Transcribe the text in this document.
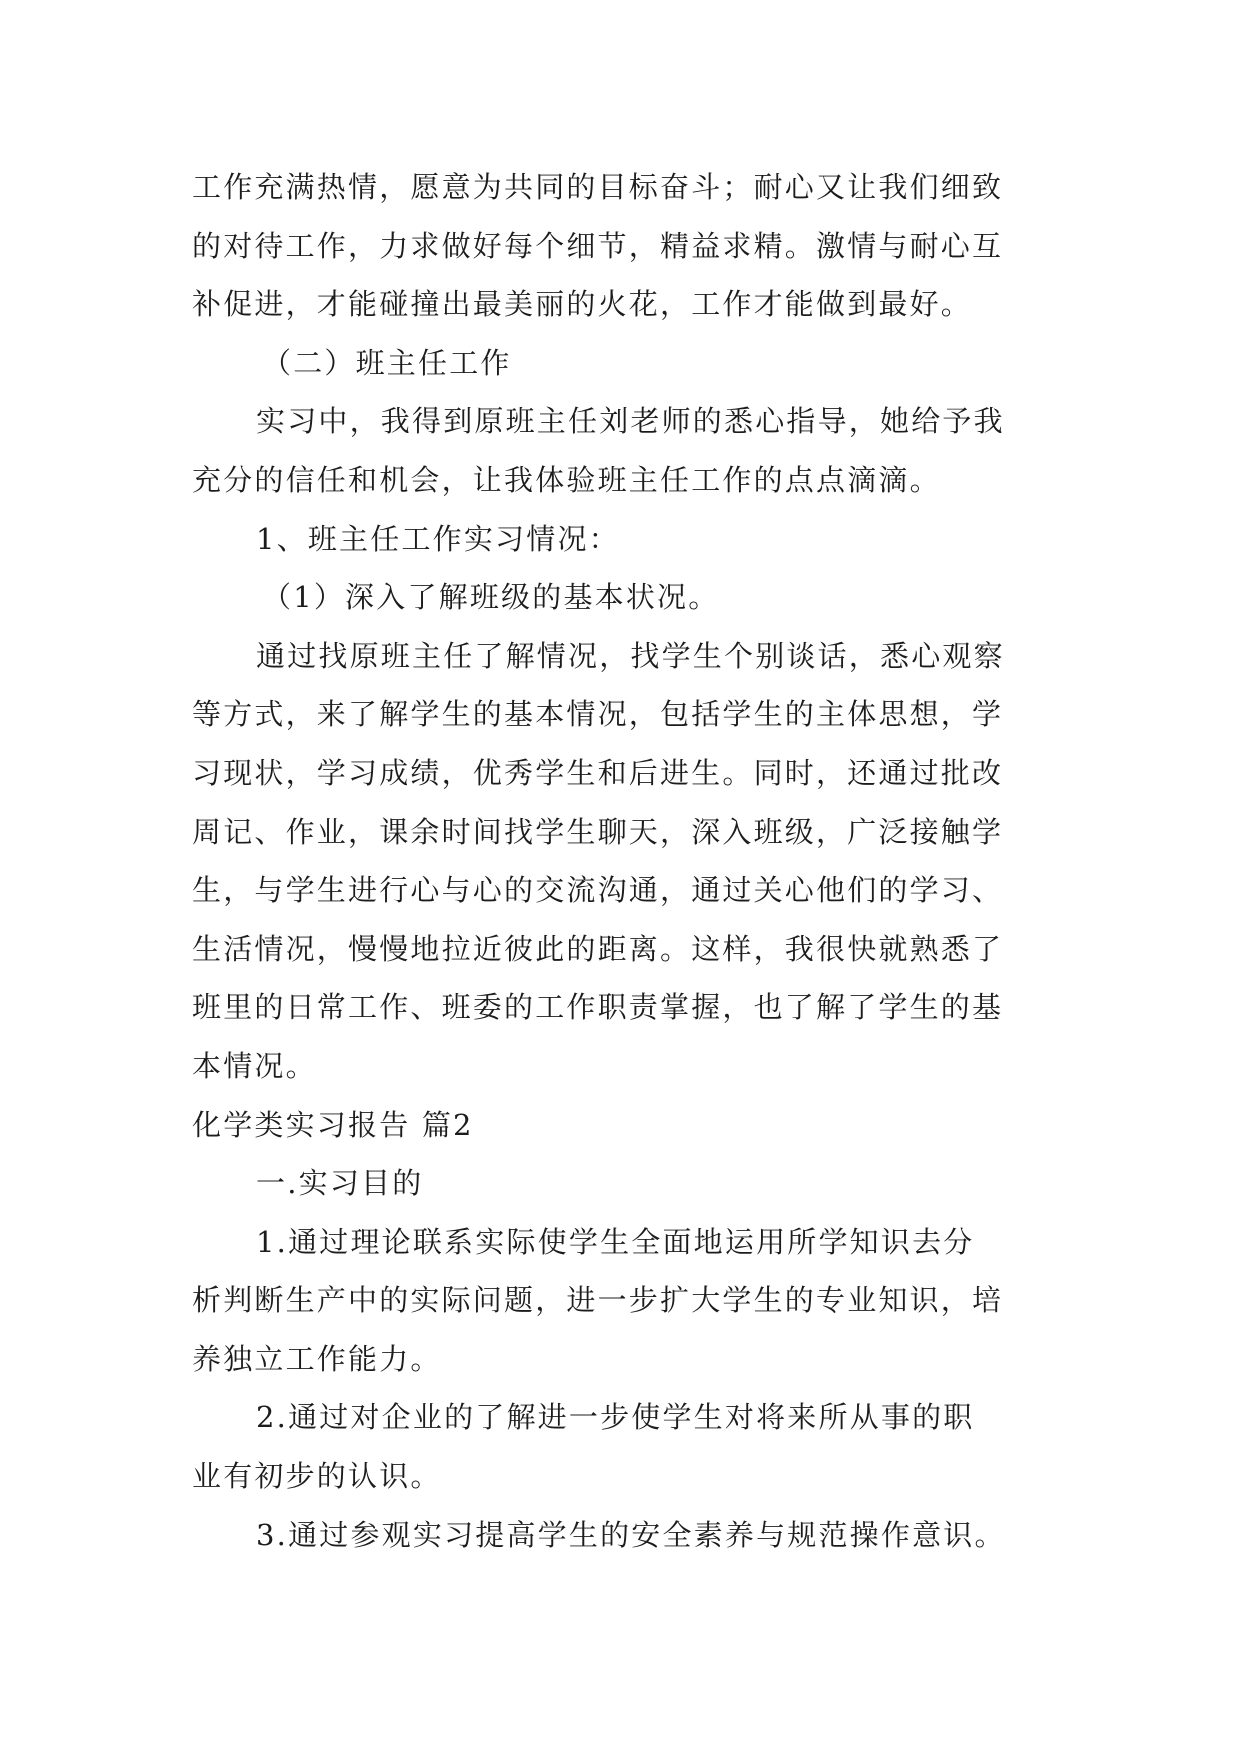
工作充满热情，愿意为共同的目标奋斗；耐心又让我们细致
的对待工作，力求做好每个细节，精益求精。激情与耐心互
补促进，才能碰撞出最美丽的火花，工作才能做到最好。
（二）班主任工作
实习中，我得到原班主任刘老师的悉心指导，她给予我
充分的信任和机会，让我体验班主任工作的点点滴滴。
1、班主任工作实习情况：
（1）深入了解班级的基本状况。
通过找原班主任了解情况，找学生个别谈话，悉心观察
等方式，来了解学生的基本情况，包括学生的主体思想，学
习现状，学习成绩，优秀学生和后进生。同时，还通过批改
周记、作业，课余时间找学生聊天，深入班级，广泛接触学
生，与学生进行心与心的交流沟通，通过关心他们的学习、
生活情况，慢慢地拉近彼此的距离。这样，我很快就熟悉了
班里的日常工作、班委的工作职责掌握，也了解了学生的基
本情况。
化学类实习报告 篇2
一.实习目的
1.通过理论联系实际使学生全面地运用所学知识去分
析判断生产中的实际问题，进一步扩大学生的专业知识，培
养独立工作能力。
2.通过对企业的了解进一步使学生对将来所从事的职
业有初步的认识。
3.通过参观实习提高学生的安全素养与规范操作意识。
